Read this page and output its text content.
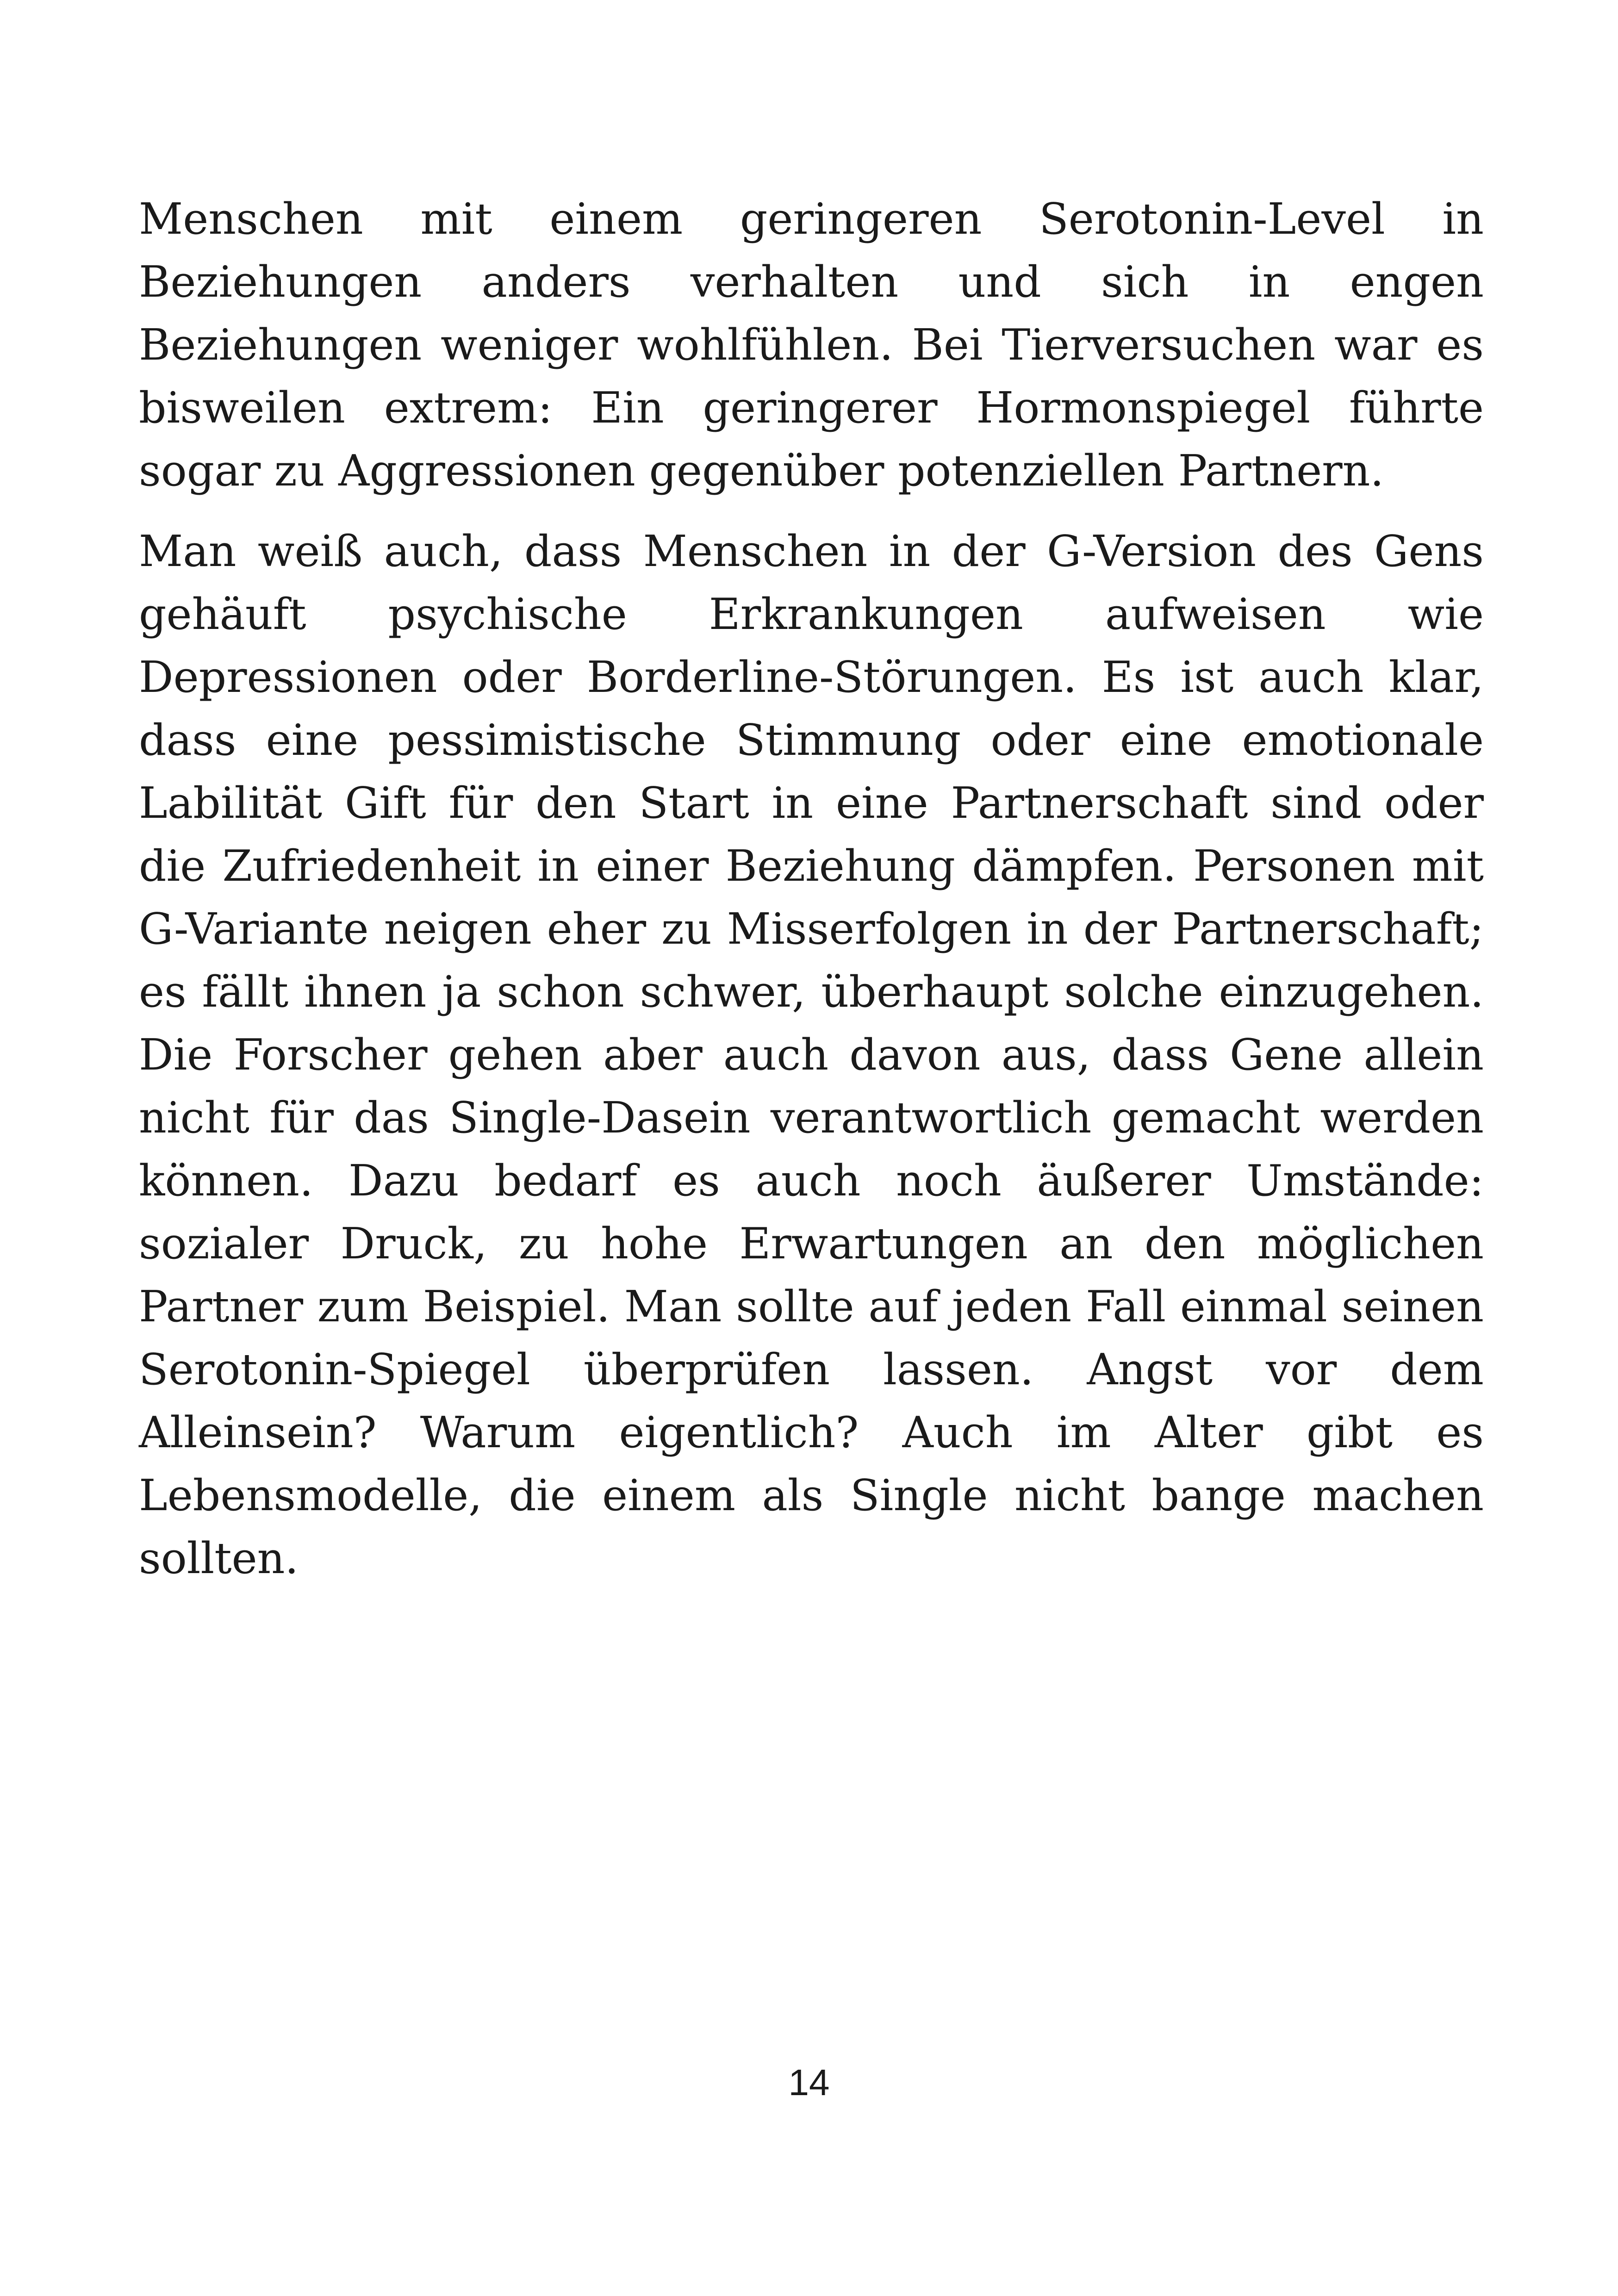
Menschen mit einem geringeren Serotonin-Level in Beziehungen anders verhalten und sich in engen Beziehungen weniger wohlfühlen. Bei Tierversuchen war es bisweilen extrem: Ein geringerer Hormonspiegel führte sogar zu Aggressionen gegenüber potenziellen Partnern.

Man weiß auch, dass Menschen in der G-Version des Gens gehäuft psychische Erkrankungen aufweisen wie Depressionen oder Borderline-Störungen. Es ist auch klar, dass eine pessimistische Stimmung oder eine emotionale Labilität Gift für den Start in eine Partnerschaft sind oder die Zufriedenheit in einer Beziehung dämpfen. Personen mit G-Variante neigen eher zu Misserfolgen in der Partnerschaft; es fällt ihnen ja schon schwer, überhaupt solche einzugehen. Die Forscher gehen aber auch davon aus, dass Gene allein nicht für das Single-Dasein verantwortlich gemacht werden können. Dazu bedarf es auch noch äußerer Umstände: sozialer Druck, zu hohe Erwartungen an den möglichen Partner zum Beispiel. Man sollte auf jeden Fall einmal seinen Serotonin-Spiegel überprüfen lassen. Angst vor dem Alleinsein? Warum eigentlich? Auch im Alter gibt es Lebensmodelle, die einem als Single nicht bange machen sollten.

14
